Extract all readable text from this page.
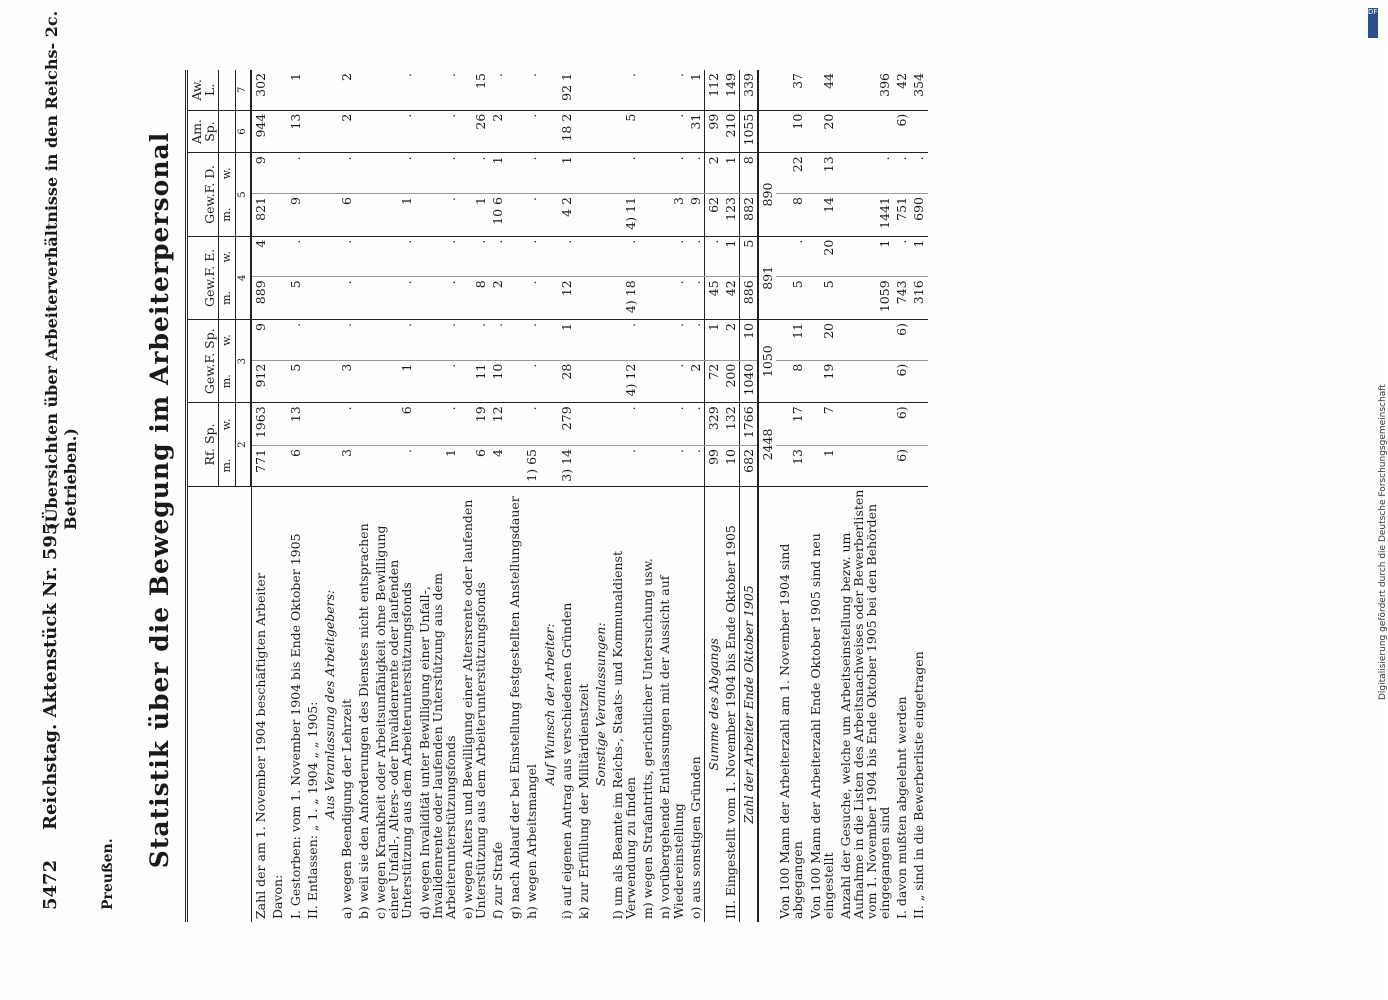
5472
Reichstag. Aktenstück Nr. 595.
(Übersichten über Arbeiterverhältnisse in den Reichs- 2c. Betrieben.)
Preußen.
Statistik über die Bewegung im Arbeiterpersonal
	Rf. Sp.		Gew.F. Sp.		Gew.F. E.		Gew.F. D.		Am. Sp.	Aw. L.
	m.	w.	m.	w.	m.	w.	m.	w.		
	2		3		4		5		6	7
Zahl der am 1. November 1904 beschäftigten Arbeiter	771	1963	912	9	889	4	821	9	944	302
Davon:										
I. Gestorben: vom 1. November 1904 bis Ende Oktober 1905	6	13	5	.	5	.	9	.	13	1
II. Entlassen: „ 1. „ 1904 „ „ 1905:										
Aus Veranlassung des Arbeitgebers:										
a) wegen Beendigung der Lehrzeit	3	.	3	.	.	.	6	.	2	2
b) weil sie den Anforderungen des Dienstes nicht entsprachen										
c) wegen Krankheit oder Arbeitsunfähigkeit ohne Bewilligung einer Unfall-, Alters- oder Invalidenrente oder laufenden Unterstützung aus dem Arbeiterunterstützungsfonds	.	6	1	.	.	.	1	.	.	.
d) wegen Invalidität unter Bewilligung einer Unfall-, Invalidenrente oder laufenden Unterstützung aus dem Arbeiterunterstützungsfonds	1	.	.	.	.	.	.	.	.	.
e) wegen Alters und Bewilligung einer Altersrente oder laufenden Unterstützung aus dem Arbeiterunterstützungsfonds	6	19	11	.	8	.	1	.	26	15
f) zur Strafe	4	12	10	.	2	.	10 6	1	2	.
g) nach Ablauf der bei Einstellung festgestellten Anstellungsdauer										
h) wegen Arbeitsmangel	1) 65	.	.	.	.	.	.	.	.	.
Auf Wunsch der Arbeiter:										
i) auf eigenen Antrag aus verschiedenen Gründen	3) 14	279	28	1	12	.	4 2	1	18 2	92 1
k) zur Erfüllung der Militärdienstzeit										
Sonstige Veranlassungen:										
l) um als Beamte im Reichs-, Staats- und Kommunaldienst Verwendung zu finden	.	.	4) 12	.	4) 18	.	4) 11	.	5	.
m) wegen Strafantritts, gerichtlicher Untersuchung usw.										
n) vorübergehende Entlassungen mit der Aussicht auf Wiedereinstellung	.	.	.	.	.	.	3	.	.	.
o) aus sonstigen Gründen	.	.	2	.	.	.	9	.	31	1
Summe des Abgangs	99	329	72	1	45	.	62	2	99	112
III. Eingestellt vom 1. November 1904 bis Ende Oktober 1905	10	132	200	2	42	1	123	1	210	149
Zahl der Arbeiter Ende Oktober 1905	682	1766	1040	10	886	5	882	8	1055	339
	2448		1050		891		890			
Von 100 Mann der Arbeiterzahl am 1. November 1904 sind abgegangen	13	17	8	11	5	.	8	22	10	37
Von 100 Mann der Arbeiterzahl Ende Oktober 1905 sind neu eingestellt	1	7	19	20	5	20	14	13	20	44
Anzahl der Gesuche, welche um Arbeitseinstellung bezw. um Aufnahme in die Listen des Arbeitsnachweises oder Bewerberlisten vom 1. November 1904 bis Ende Oktober 1905 bei den Behörden eingegangen sind					1059	1	1441	.		396
I. davon mußten abgelehnt werden	6)	6)	6)	6)	743	.	751	.	6)	42
II. „ sind in die Bewerberliste eingetragen					316	1	690	.		354
DFG
Digitalisierung gefördert durch die Deutsche Forschungsgemeinschaft
